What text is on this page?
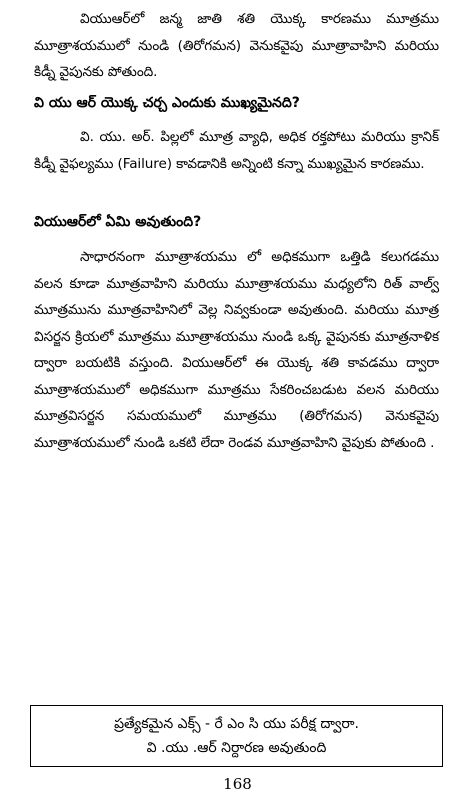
వియుఆర్‌లో జన్మ జాతి శతి యొక్క కారణము మూత్రము మూత్రాశయములో నుండి (తిరోగమన) వెనుకవైపు మూత్రావాహిని మరియు కిడ్నీ వైపునకు పోతుంది.

వి యు ఆర్ యొక్క చర్చ ఎందుకు ముఖ్యమైనది?

వి. యు. అర్. పిల్లలో మూత్ర వ్యాధి, అధిక రక్తపోటు మరియు క్రానిక్ కిడ్నీ వైఫల్యము (Failure) కావడానికి అన్నింటి కన్నా ముఖ్యమైన కారణము.

వియుఆర్‌లో ఏమి అవుతుంది?

సాధారనంగా మూత్రాశయము లో అధికముగా ఒత్తిడి కలుగడము వలన కూడా మూత్రవాహిని మరియు మూత్రాశయము మధ్యలోని రిత్ వాల్వ్ మూత్రమును మూత్రవాహినిలో వెల్ల నివ్వకుండా అవుతుంది. మరియు మూత్ర విసర్జన క్రియలో మూత్రము మూత్రాశయము నుండి ఒక్క వైపునకు మూత్రనాళిక ద్వారా బయటికి వస్తుంది. వియుఆర్‌లో ఈ యొక్క శతి కావడము ద్వారా మూత్రాశయములో అధికముగా మూత్రము సేకరించబడుట వలన మరియు మూత్రవిసర్జన సమయములో మూత్రము (తిరోగమన) వెనుకవైపు మూత్రాశయములో నుండి ఒకటి లేదా రెండవ మూత్రవాహిని వైపుకు పోతుంది .

ప్రత్యేకమైన ఎక్స్ - రే ఎం సి యు పరీక్ష ద్వారా.

వి .యు .ఆర్ నిర్దారణ అవుతుంది

168
